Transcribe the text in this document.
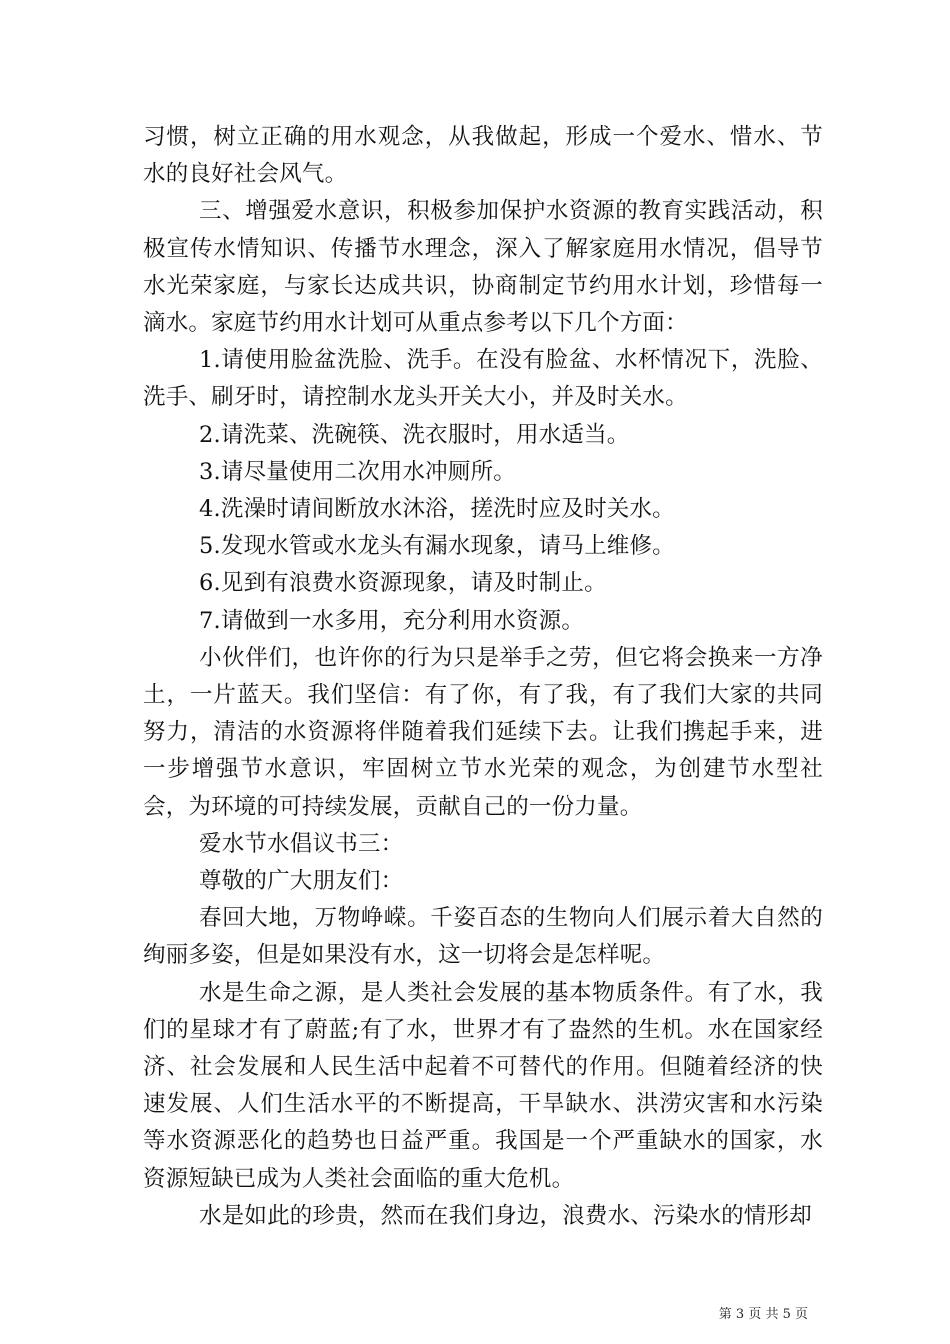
习惯，树立正确的用水观念，从我做起，形成一个爱水、惜水、节水的良好社会风气。

三、增强爱水意识，积极参加保护水资源的教育实践活动，积极宣传水情知识、传播节水理念，深入了解家庭用水情况，倡导节水光荣家庭，与家长达成共识，协商制定节约用水计划，珍惜每一滴水。家庭节约用水计划可从重点参考以下几个方面：

1.请使用脸盆洗脸、洗手。在没有脸盆、水杯情况下，洗脸、洗手、刷牙时，请控制水龙头开关大小，并及时关水。

2.请洗菜、洗碗筷、洗衣服时，用水适当。

3.请尽量使用二次用水冲厕所。

4.洗澡时请间断放水沐浴，搓洗时应及时关水。

5.发现水管或水龙头有漏水现象，请马上维修。

6.见到有浪费水资源现象，请及时制止。

7.请做到一水多用，充分利用水资源。

小伙伴们，也许你的行为只是举手之劳，但它将会换来一方净土，一片蓝天。我们坚信：有了你，有了我，有了我们大家的共同努力，清洁的水资源将伴随着我们延续下去。让我们携起手来，进一步增强节水意识，牢固树立节水光荣的观念，为创建节水型社会，为环境的可持续发展，贡献自己的一份力量。

爱水节水倡议书三：

尊敬的广大朋友们：

春回大地，万物峥嵘。千姿百态的生物向人们展示着大自然的绚丽多姿，但是如果没有水，这一切将会是怎样呢。

水是生命之源，是人类社会发展的基本物质条件。有了水，我们的星球才有了蔚蓝;有了水，世界才有了盎然的生机。水在国家经济、社会发展和人民生活中起着不可替代的作用。但随着经济的快速发展、人们生活水平的不断提高，干旱缺水、洪涝灾害和水污染等水资源恶化的趋势也日益严重。我国是一个严重缺水的国家，水资源短缺已成为人类社会面临的重大危机。

水是如此的珍贵，然而在我们身边，浪费水、污染水的情形却

第 3 页 共 5 页
